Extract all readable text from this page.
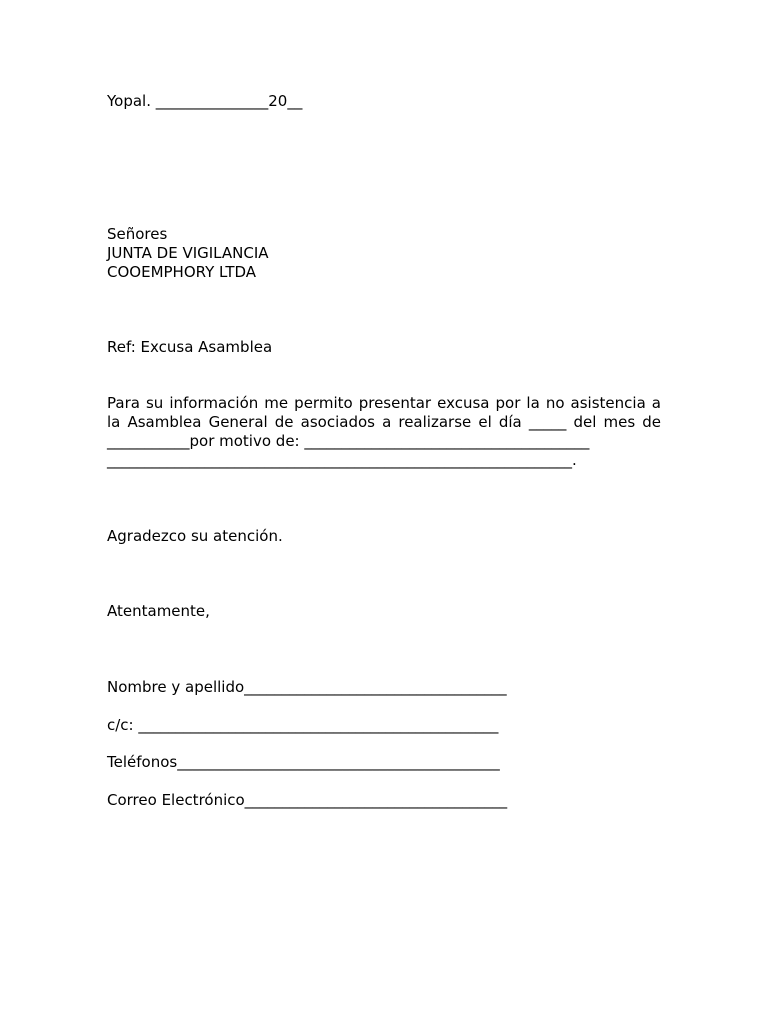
Yopal. _______________20__
Señores
JUNTA DE VIGILANCIA
COOEMPHORY LTDA
Ref: Excusa Asamblea
Para su información me permito presentar excusa por la no asistencia a
la Asamblea General de asociados a realizarse el día _____ del mes de
___________por motivo de: ______________________________________
______________________________________________________________.
Agradezco su atención.
Atentamente,
Nombre y apellido___________________________________
c/c: ________________________________________________
Teléfonos___________________________________________
Correo Electrónico___________________________________
